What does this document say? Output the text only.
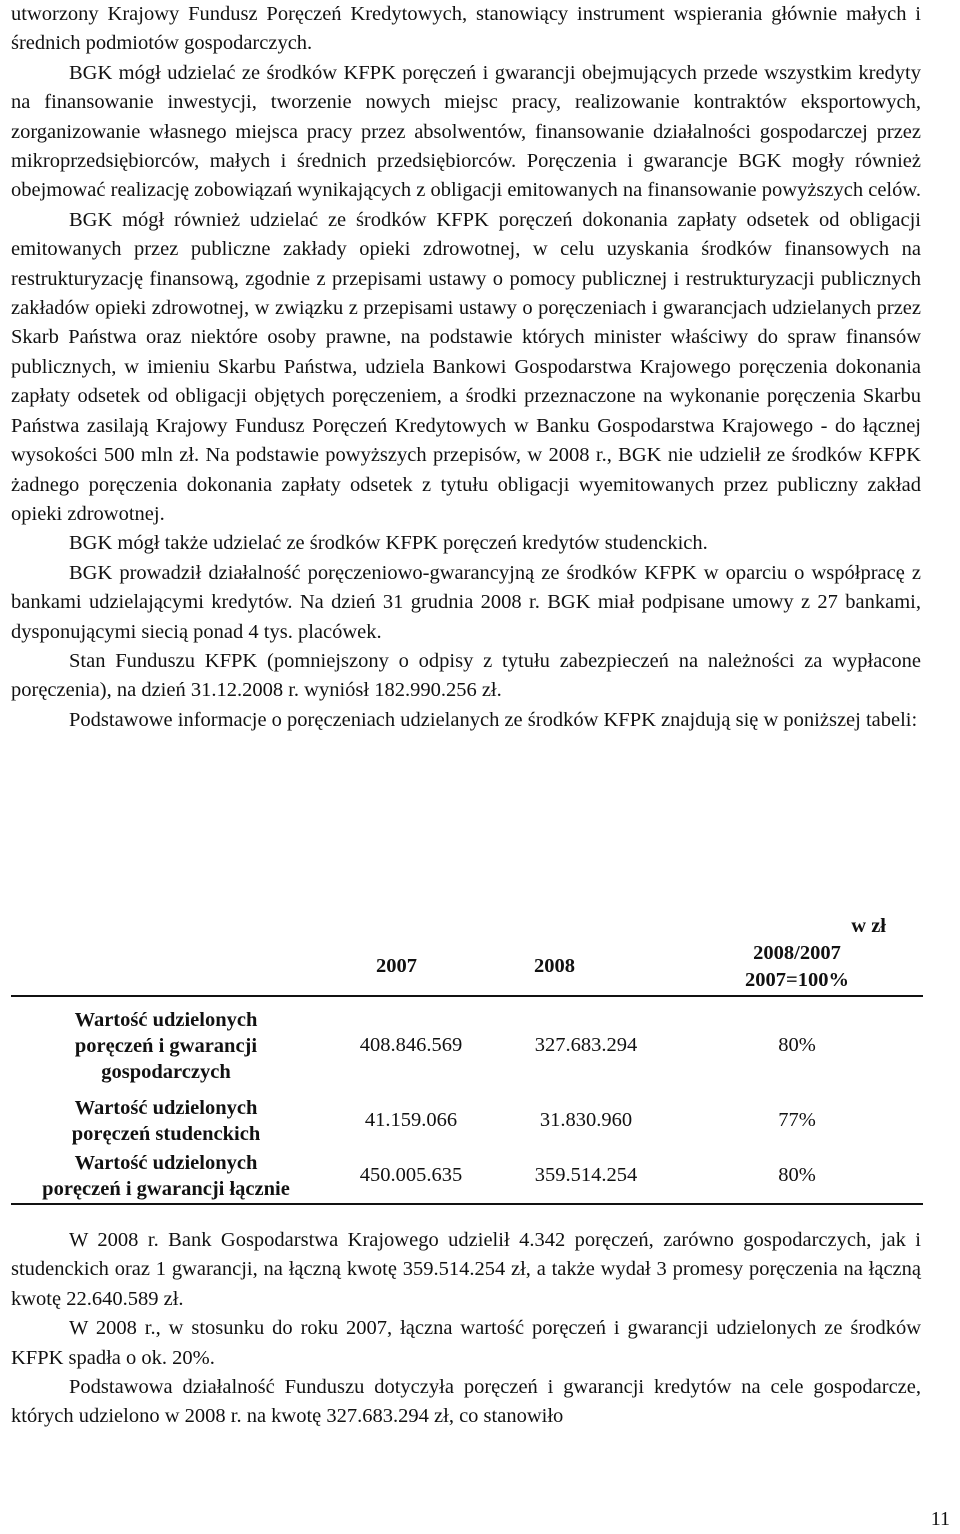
utworzony Krajowy Fundusz Poręczeń Kredytowych, stanowiący instrument wspierania głównie małych i średnich podmiotów gospodarczych.

BGK mógł udzielać ze środków KFPK poręczeń i gwarancji obejmujących przede wszystkim kredyty na finansowanie inwestycji, tworzenie nowych miejsc pracy, realizowanie kontraktów eksportowych, zorganizowanie własnego miejsca pracy przez absolwentów, finansowanie działalności gospodarczej przez mikroprzedsiębiorców, małych i średnich przedsiębiorców. Poręczenia i gwarancje BGK mogły również obejmować realizację zobowiązań wynikających z obligacji emitowanych na finansowanie powyższych celów.

BGK mógł również udzielać ze środków KFPK poręczeń dokonania zapłaty odsetek od obligacji emitowanych przez publiczne zakłady opieki zdrowotnej, w celu uzyskania środków finansowych na restrukturyzację finansową, zgodnie z przepisami ustawy o pomocy publicznej i restrukturyzacji publicznych zakładów opieki zdrowotnej, w związku z przepisami ustawy o poręczeniach i gwarancjach udzielanych przez Skarb Państwa oraz niektóre osoby prawne, na podstawie których minister właściwy do spraw finansów publicznych, w imieniu Skarbu Państwa, udziela Bankowi Gospodarstwa Krajowego poręczenia dokonania zapłaty odsetek od obligacji objętych poręczeniem, a środki przeznaczone na wykonanie poręczenia Skarbu Państwa zasilają Krajowy Fundusz Poręczeń Kredytowych w Banku Gospodarstwa Krajowego - do łącznej wysokości 500 mln zł. Na podstawie powyższych przepisów, w 2008 r., BGK nie udzielił ze środków KFPK żadnego poręczenia dokonania zapłaty odsetek z tytułu obligacji wyemitowanych przez publiczny zakład opieki zdrowotnej.

BGK mógł także udzielać ze środków KFPK poręczeń kredytów studenckich.

BGK prowadził działalność poręczeniowo-gwarancyjną ze środków KFPK w oparciu o współpracę z bankami udzielającymi kredytów. Na dzień 31 grudnia 2008 r. BGK miał podpisane umowy z 27 bankami, dysponującymi siecią ponad 4 tys. placówek.

Stan Funduszu KFPK (pomniejszony o odpisy z tytułu zabezpieczeń na należności za wypłacone poręczenia), na dzień 31.12.2008 r. wyniósł 182.990.256 zł.

Podstawowe informacje o poręczeniach udzielanych ze środków KFPK znajdują się w poniższej tabeli:

w zł
	2007	2008	2008/2007
2007=100%

Wartość udzielonych
poręczeń i gwarancji
gospodarczych	408.846.569	327.683.294	80%

Wartość udzielonych
poręczeń studenckich	41.159.066	31.830.960	77%

Wartość udzielonych
poręczeń i gwarancji łącznie	450.005.635	359.514.254	80%

W 2008 r. Bank Gospodarstwa Krajowego udzielił 4.342 poręczeń, zarówno gospodarczych, jak i studenckich oraz 1 gwarancji, na łączną kwotę 359.514.254 zł, a także wydał 3 promesy poręczenia na łączną kwotę 22.640.589 zł.

W 2008 r., w stosunku do roku 2007, łączna wartość poręczeń i gwarancji udzielonych ze środków KFPK spadła o ok. 20%.

Podstawowa działalność Funduszu dotyczyła poręczeń i gwarancji kredytów na cele gospodarcze, których udzielono w 2008 r. na kwotę 327.683.294 zł, co stanowiło

11
